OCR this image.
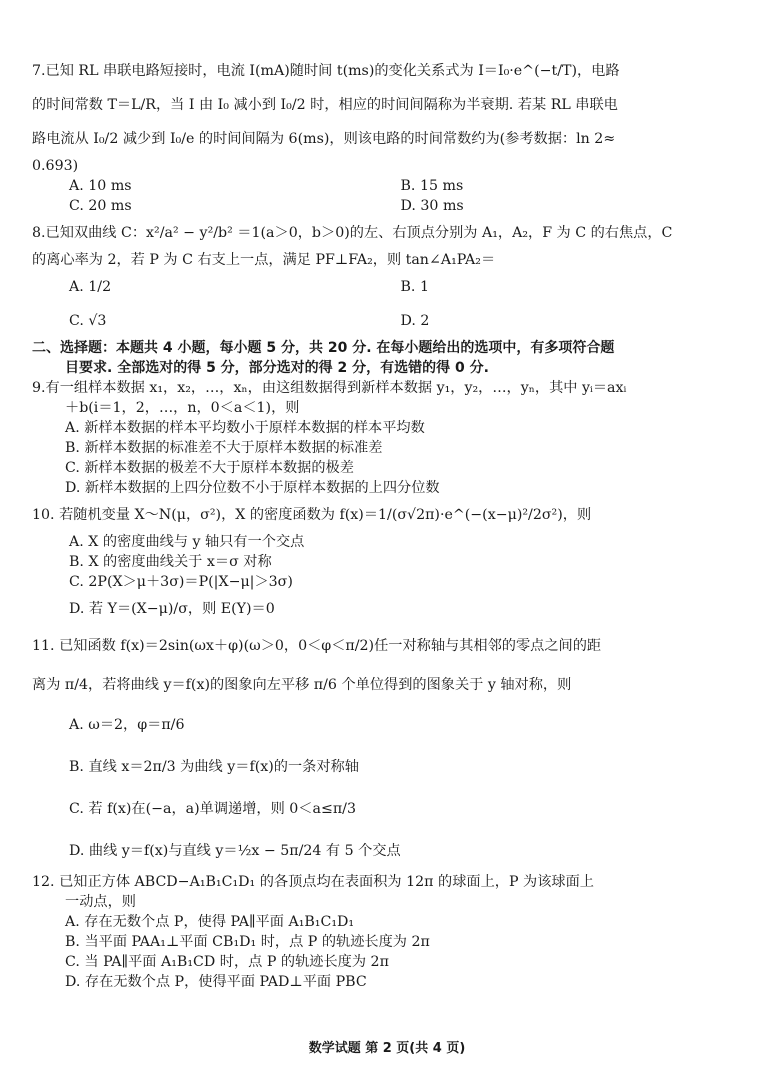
7.已知 RL 串联电路短接时，电流 I(mA)随时间 t(ms)的变化关系式为 I＝I₀·e^(−t/T)，电路
的时间常数 T＝L/R，当 I 由 I₀ 减小到 I₀/2 时，相应的时间间隔称为半衰期. 若某 RL 串联电
路电流从 I₀/2 减少到 I₀/e 的时间间隔为 6(ms)，则该电路的时间常数约为(参考数据：ln 2≈
0.693)
A. 10 ms	B. 15 ms
C. 20 ms	D. 30 ms
8.已知双曲线 C：x²/a² − y²/b² ＝1(a＞0，b＞0)的左、右顶点分别为 A₁，A₂，F 为 C 的右焦点，C
的离心率为 2，若 P 为 C 右支上一点，满足 PF⊥FA₂，则 tan∠A₁PA₂＝
A. 1/2	B. 1
C. √3	D. 2
二、选择题：本题共 4 小题，每小题 5 分，共 20 分. 在每小题给出的选项中，有多项符合题
目要求. 全部选对的得 5 分，部分选对的得 2 分，有选错的得 0 分.
9.有一组样本数据 x₁，x₂，…，xₙ，由这组数据得到新样本数据 y₁，y₂，…，yₙ，其中 yᵢ＝axᵢ
＋b(i＝1，2，…，n，0＜a＜1)，则
A. 新样本数据的样本平均数小于原样本数据的样本平均数
B. 新样本数据的标准差不大于原样本数据的标准差
C. 新样本数据的极差不大于原样本数据的极差
D. 新样本数据的上四分位数不小于原样本数据的上四分位数
10. 若随机变量 X～N(μ，σ²)，X 的密度函数为 f(x)＝1/(σ√2π)·e^(−(x−μ)²/2σ²)，则
A. X 的密度曲线与 y 轴只有一个交点
B. X 的密度曲线关于 x＝σ 对称
C. 2P(X＞μ＋3σ)＝P(|X−μ|＞3σ)
D. 若 Y＝(X−μ)/σ，则 E(Y)＝0
11. 已知函数 f(x)＝2sin(ωx＋φ)(ω＞0，0＜φ＜π/2)任一对称轴与其相邻的零点之间的距
离为 π/4，若将曲线 y＝f(x)的图象向左平移 π/6 个单位得到的图象关于 y 轴对称，则
A. ω＝2，φ＝π/6
B. 直线 x＝2π/3 为曲线 y＝f(x)的一条对称轴
C. 若 f(x)在(−a，a)单调递增，则 0＜a≤π/3
D. 曲线 y＝f(x)与直线 y＝½x − 5π/24 有 5 个交点
12. 已知正方体 ABCD−A₁B₁C₁D₁ 的各顶点均在表面积为 12π 的球面上，P 为该球面上
一动点，则
A. 存在无数个点 P，使得 PA∥平面 A₁B₁C₁D₁
B. 当平面 PAA₁⊥平面 CB₁D₁ 时，点 P 的轨迹长度为 2π
C. 当 PA∥平面 A₁B₁CD 时，点 P 的轨迹长度为 2π
D. 存在无数个点 P，使得平面 PAD⊥平面 PBC
数学试题 第 2 页(共 4 页)
